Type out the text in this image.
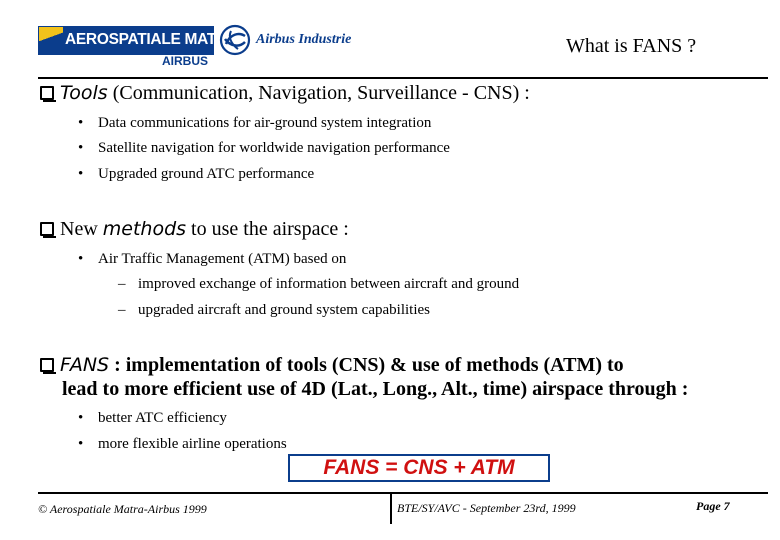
AEROSPATIALE MATRA
AIRBUS
Airbus Industrie	What is FANS ?
Tools (Communication, Navigation, Surveillance - CNS) :
• Data communications for air-ground system integration
• Satellite navigation for worldwide navigation performance
• Upgraded ground ATC performance
New methods to use the airspace :
• Air Traffic Management (ATM) based on
– improved exchange of information between aircraft and ground
– upgraded aircraft and ground system capabilities
FANS : implementation of tools (CNS) & use of methods (ATM) to
lead to more efficient use of 4D (Lat., Long., Alt., time) airspace through :
• better ATC efficiency
• more flexible airline operations
FANS = CNS + ATM
© Aerospatiale Matra-Airbus 1999	BTE/SY/AVC - September 23rd, 1999	Page 7
